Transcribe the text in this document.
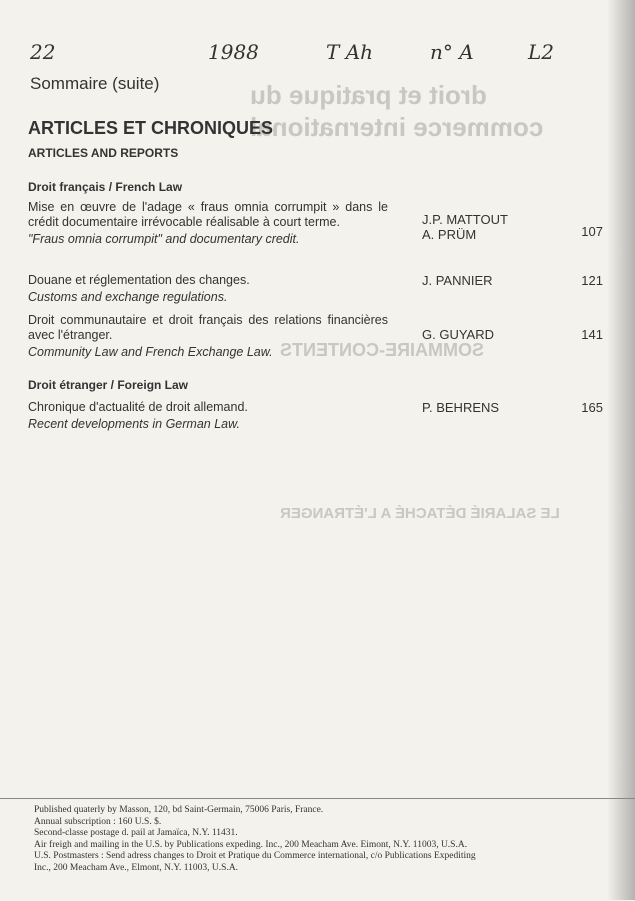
droit et pratique du
commerce international
SOMMAIRE-CONTENTS
LE SALARIÉ DÉTACHÉ A L'ÉTRANGER
22	1988	T Ah	n° A	L2
Sommaire (suite)
ARTICLES ET CHRONIQUES
ARTICLES AND REPORTS
Droit français / French Law
Mise en œuvre de l'adage « fraus omnia corrumpit » dans le crédit documentaire irrévocable réalisable à court terme.
"Fraus omnia corrumpit" and documentary credit.
J.P. MATTOUT
A. PRÜM	107
Douane et réglementation des changes.
Customs and exchange regulations.
J. PANNIER	121
Droit communautaire et droit français des relations financières avec l'étranger.
Community Law and French Exchange Law.
G. GUYARD	141
Droit étranger / Foreign Law
Chronique d'actualité de droit allemand.
Recent developments in German Law.
P. BEHRENS	165
Published quaterly by Masson, 120, bd Saint-Germain, 75006 Paris, France.
Annual subscription : 160 U.S. $.
Second-classe postage d. pail at Jamaïca, N.Y. 11431.
Air freigh and mailing in the U.S. by Publications expeding. Inc., 200 Meacham Ave. Eimont, N.Y. 11003, U.S.A.
U.S. Postmasters : Send adress changes to Droit et Pratique du Commerce international, c/o Publications Expediting
Inc., 200 Meacham Ave., Elmont, N.Y. 11003, U.S.A.
